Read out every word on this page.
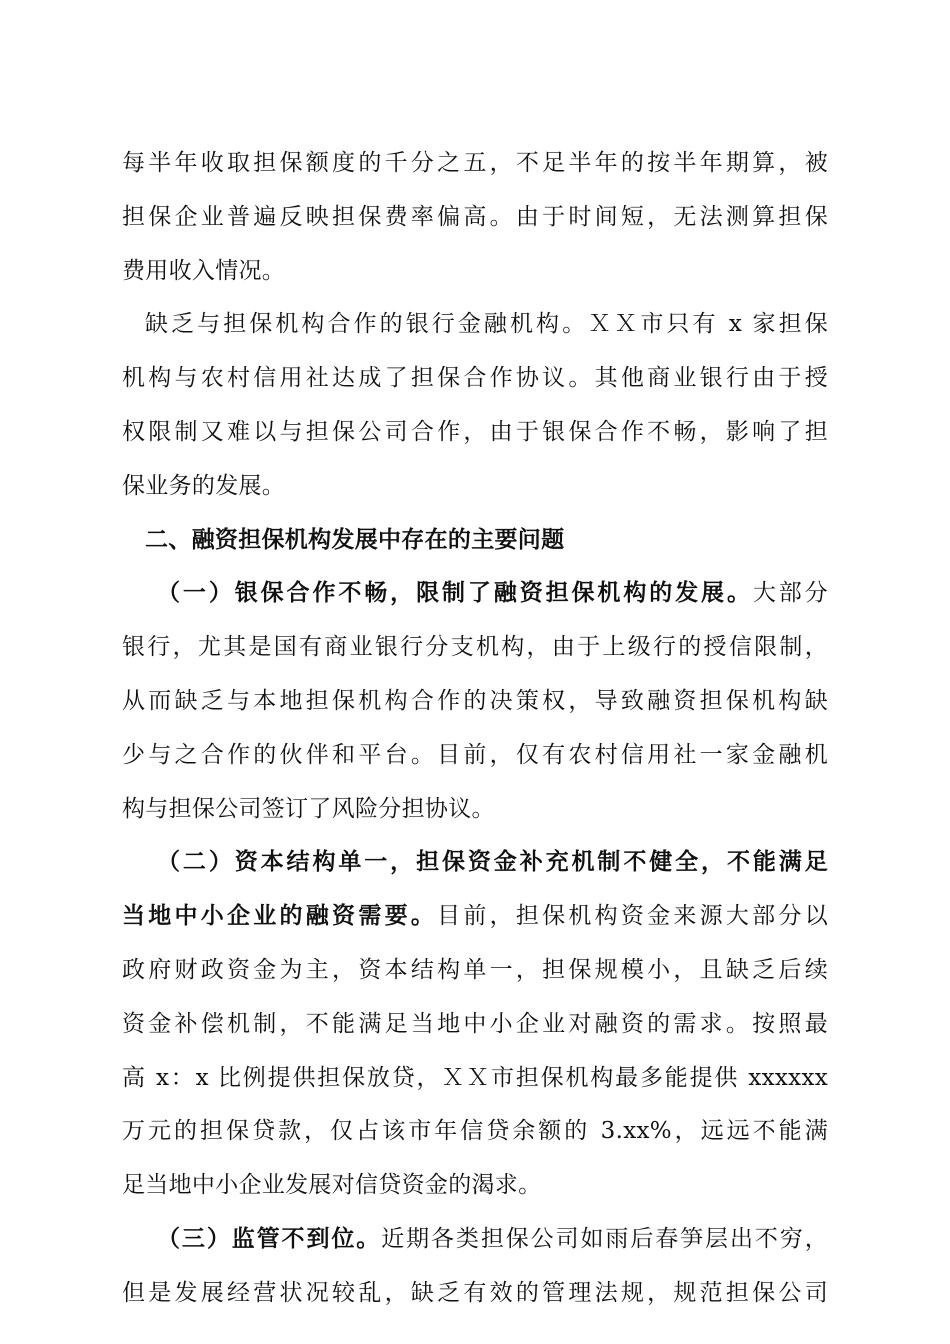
每半年收取担保额度的千分之五，不足半年的按半年期算，被
担保企业普遍反映担保费率偏高。由于时间短，无法测算担保
费用收入情况。
缺乏与担保机构合作的银行金融机构。ＸＸ市只有 x 家担保
机构与农村信用社达成了担保合作协议。其他商业银行由于授
权限制又难以与担保公司合作，由于银保合作不畅，影响了担
保业务的发展。
二、融资担保机构发展中存在的主要问题
（一）银保合作不畅，限制了融资担保机构的发展。大部分
银行，尤其是国有商业银行分支机构，由于上级行的授信限制，
从而缺乏与本地担保机构合作的决策权，导致融资担保机构缺
少与之合作的伙伴和平台。目前，仅有农村信用社一家金融机
构与担保公司签订了风险分担协议。
（二）资本结构单一，担保资金补充机制不健全，不能满足
当地中小企业的融资需要。目前，担保机构资金来源大部分以
政府财政资金为主，资本结构单一，担保规模小，且缺乏后续
资金补偿机制，不能满足当地中小企业对融资的需求。按照最
高 x：x 比例提供担保放贷，ＸＸ市担保机构最多能提供 xxxxxx
万元的担保贷款，仅占该市年信贷余额的 3.xx%，远远不能满
足当地中小企业发展对信贷资金的渴求。
（三）监管不到位。近期各类担保公司如雨后春笋层出不穷，
但是发展经营状况较乱，缺乏有效的管理法规，规范担保公司
